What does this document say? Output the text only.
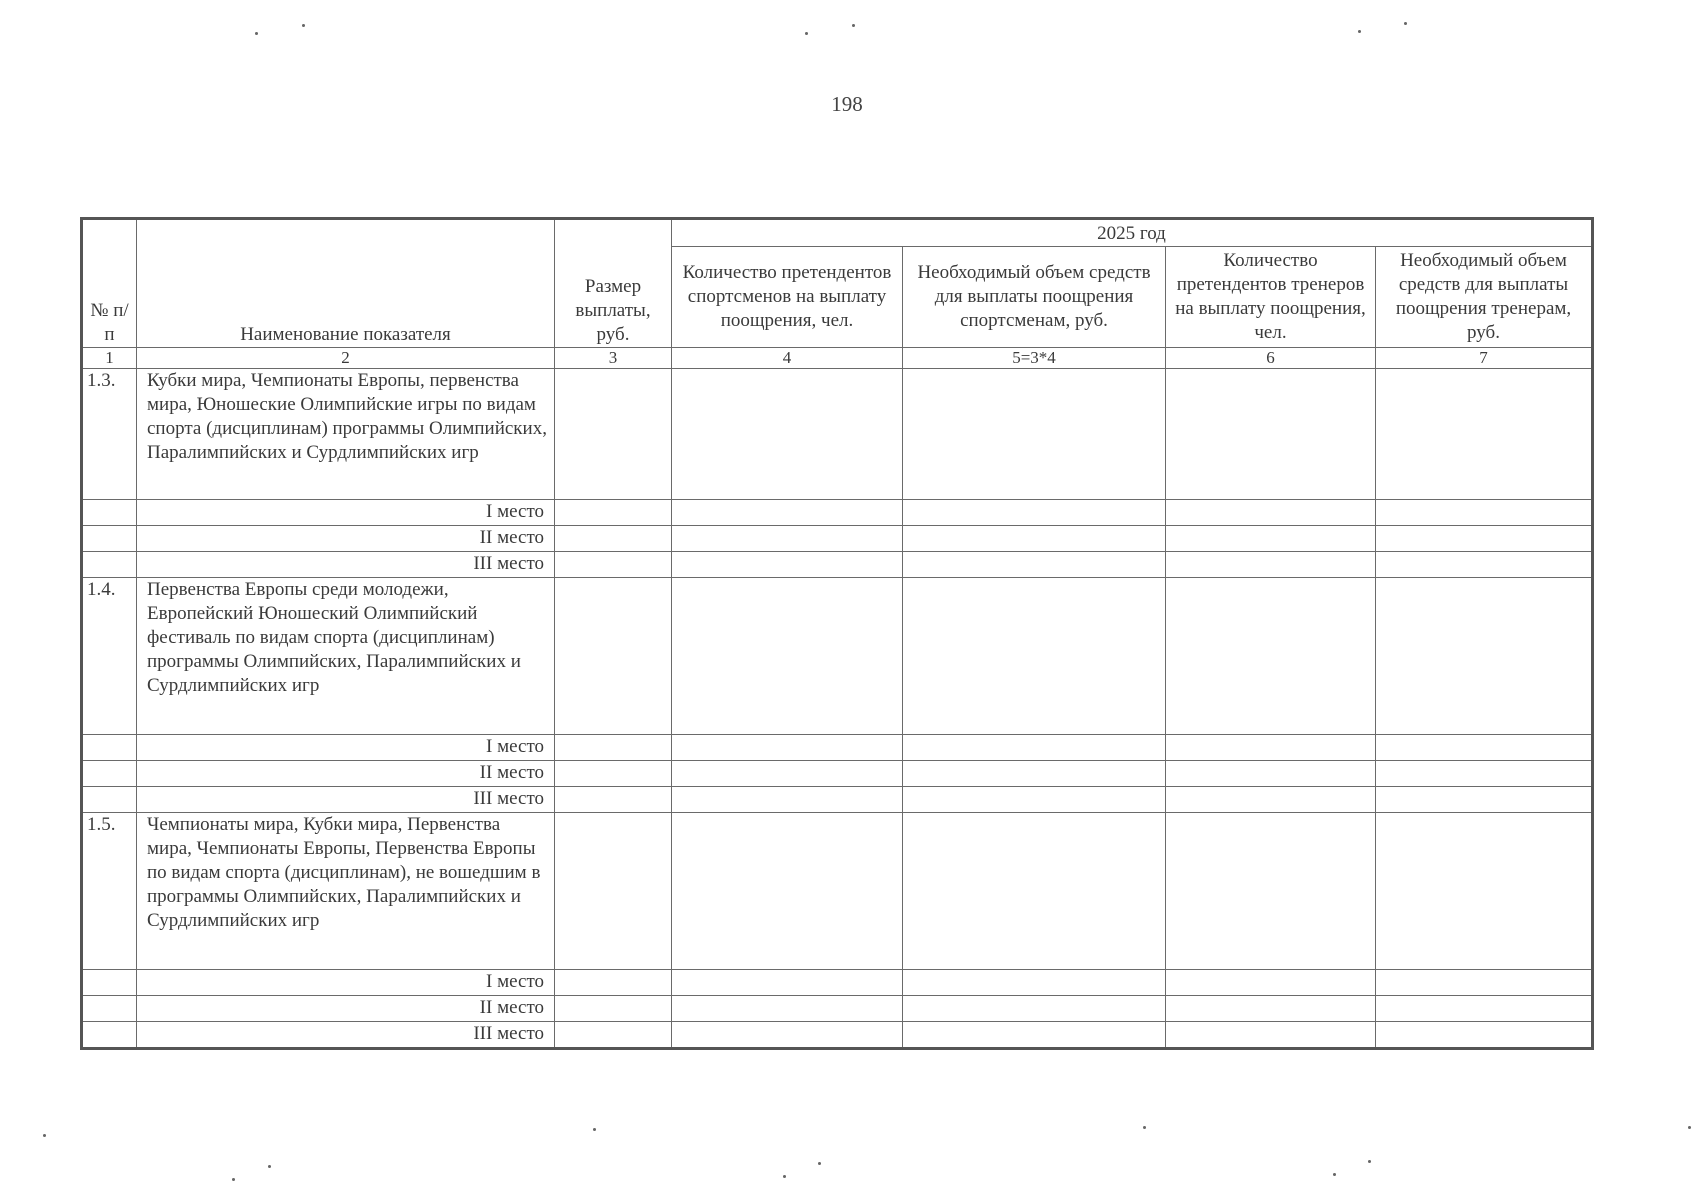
198
№ п/п	Наименование показателя	Размер выплаты, руб.	2025 год			
			Количество претендентов спортсменов на выплату поощрения, чел.	Необходимый объем средств для выплаты поощрения спортсменам, руб.	Количество претендентов тренеров на выплату поощрения, чел.	Необходимый объем средств для выплаты поощрения тренерам, руб.
1	2	3	4	5=3*4	6	7
1.3.	Кубки мира, Чемпионаты Европы, первенства мира, Юношеские Олимпийские игры по видам спорта (дисциплинам) программы Олимпийских, Паралимпийских и Сурдлимпийских игр					
	I место					
	II место					
	III место					
1.4.	Первенства Европы среди молодежи, Европейский Юношеский Олимпийский фестиваль по видам спорта (дисциплинам) программы Олимпийских, Паралимпийских и Сурдлимпийских игр					
	I место					
	II место					
	III место					
1.5.	Чемпионаты мира, Кубки мира, Первенства мира, Чемпионаты Европы, Первенства Европы по видам спорта (дисциплинам), не вошедшим в программы Олимпийских, Паралимпийских и Сурдлимпийских игр					
	I место					
	II место					
	III место					
